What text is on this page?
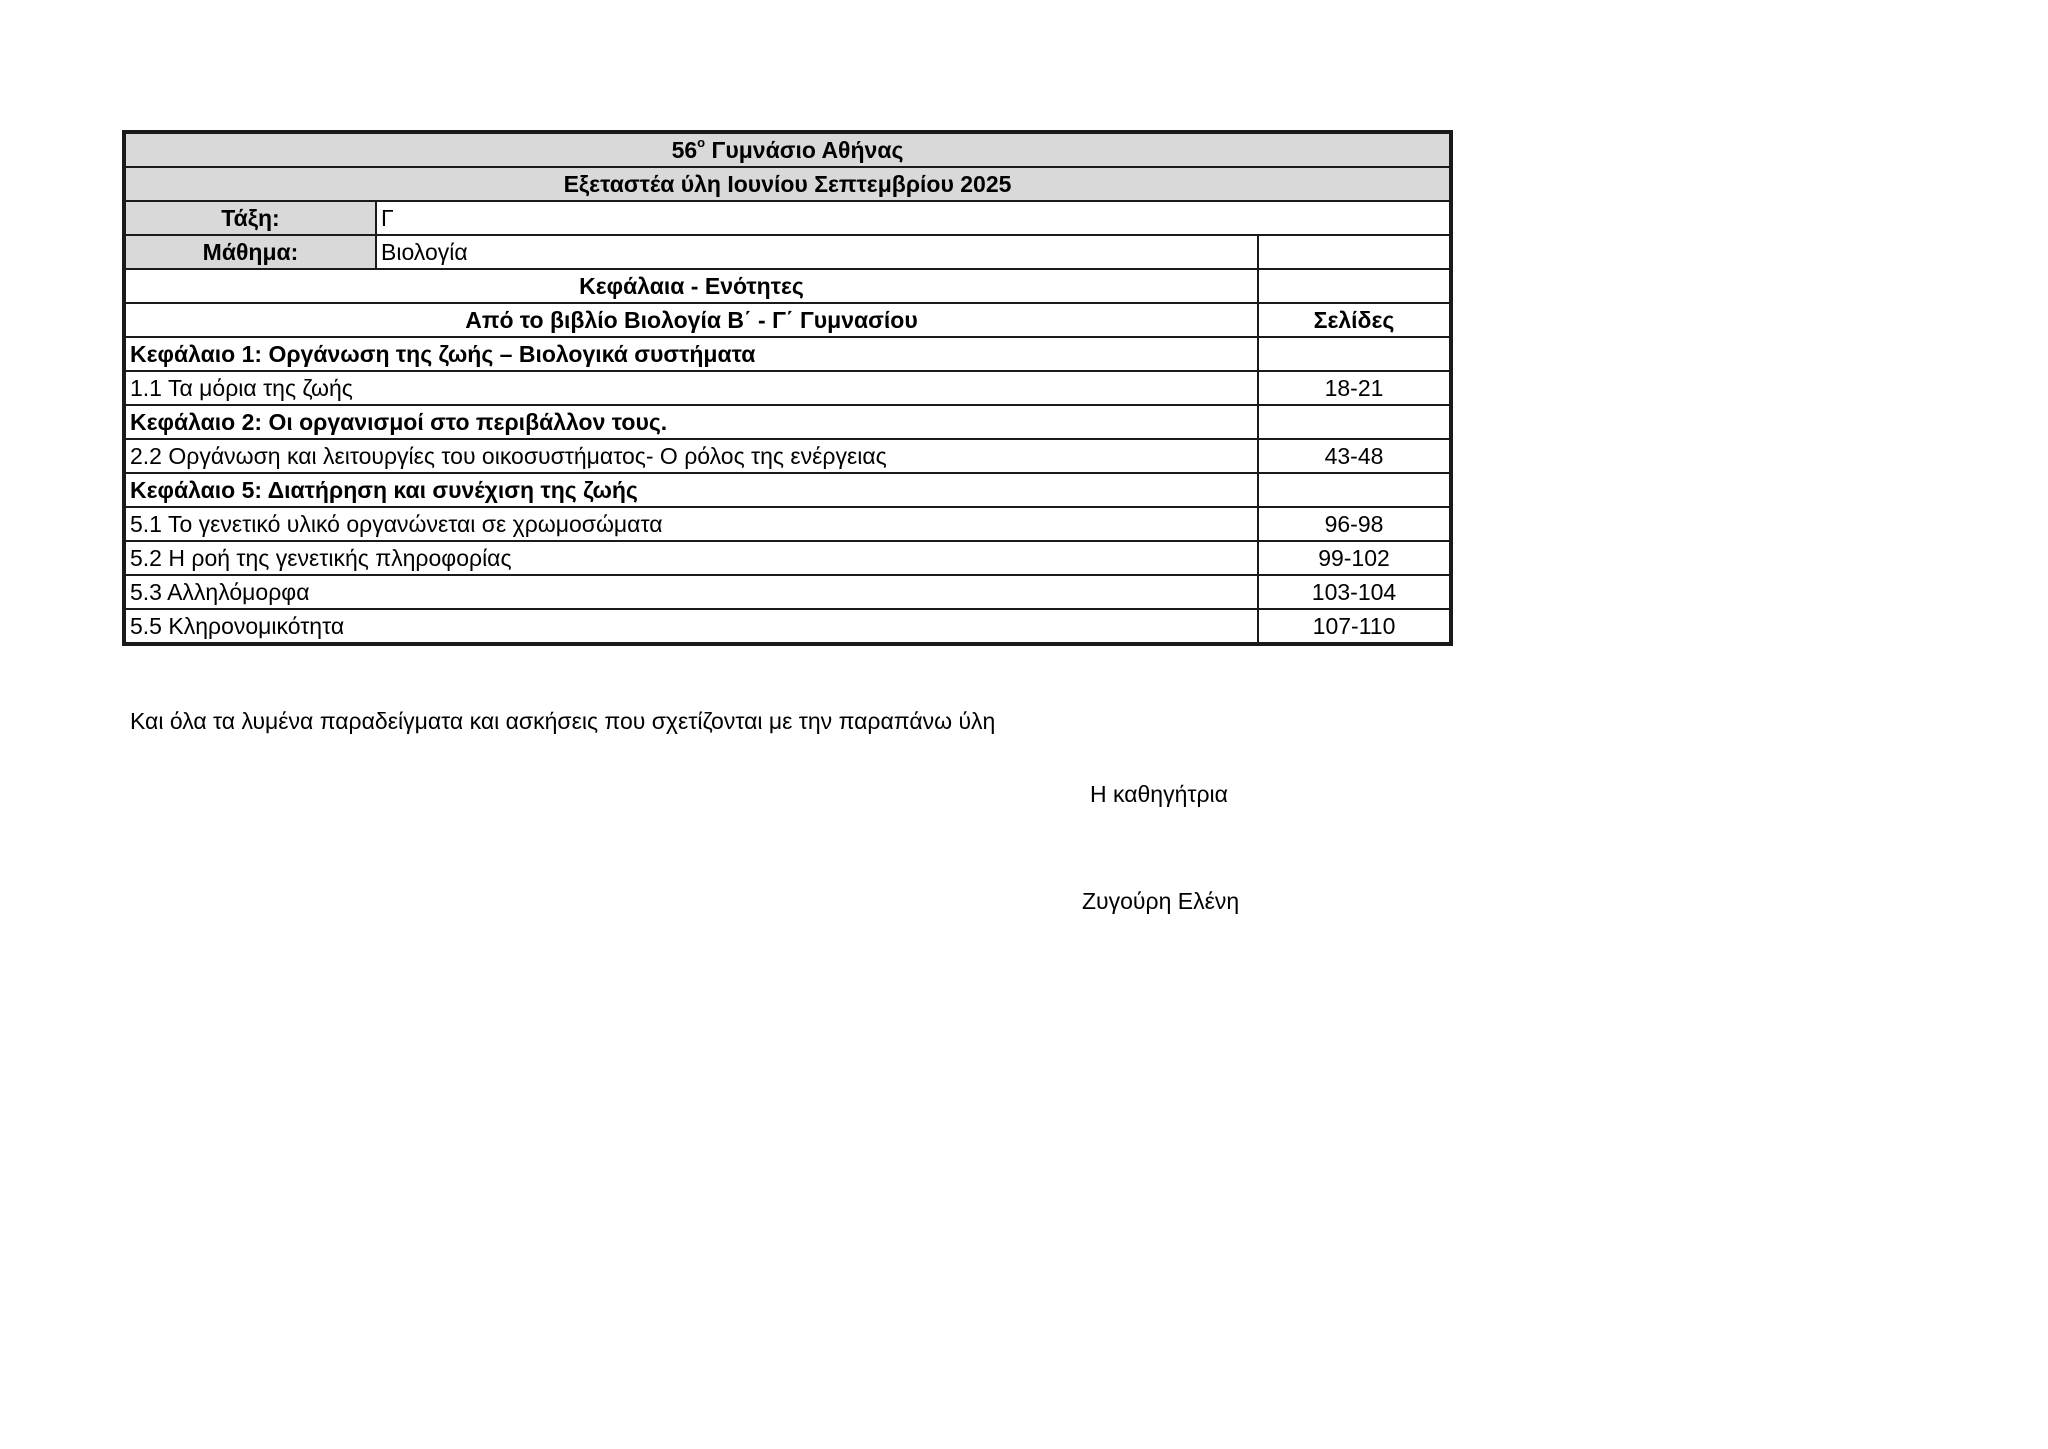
$56^o$ Γυμνάσιο Αθήνας		
Εξεταστέα ύλη Ιουνίου Σεπτεμβρίου 2025		
Τάξη:	Γ	
Μάθημα:	Βιολογία	
Κεφάλαια - Ενότητες		
Από το βιβλίο Βιολογία Β΄ - Γ΄ Γυμνασίου		Σελίδες
Κεφάλαιο 1: Οργάνωση της ζωής – Βιολογικά συστήματα		
1.1 Τα μόρια της ζωής		18-21
Κεφάλαιο 2: Οι οργανισμοί στο περιβάλλον τους.		
2.2 Οργάνωση και λειτουργίες του οικοσυστήματος- Ο ρόλος της ενέργειας		43-48
Κεφάλαιο 5: Διατήρηση και συνέχιση της ζωής		
5.1 Το γενετικό υλικό οργανώνεται σε χρωμοσώματα		96-98
5.2 Η ροή της γενετικής πληροφορίας		99-102
5.3 Αλληλόμορφα		103-104
5.5 Κληρονομικότητα		107-110
Και όλα τα λυμένα παραδείγματα και ασκήσεις που σχετίζονται με την παραπάνω ύλη
Η καθηγήτρια
Ζυγούρη Ελένη
